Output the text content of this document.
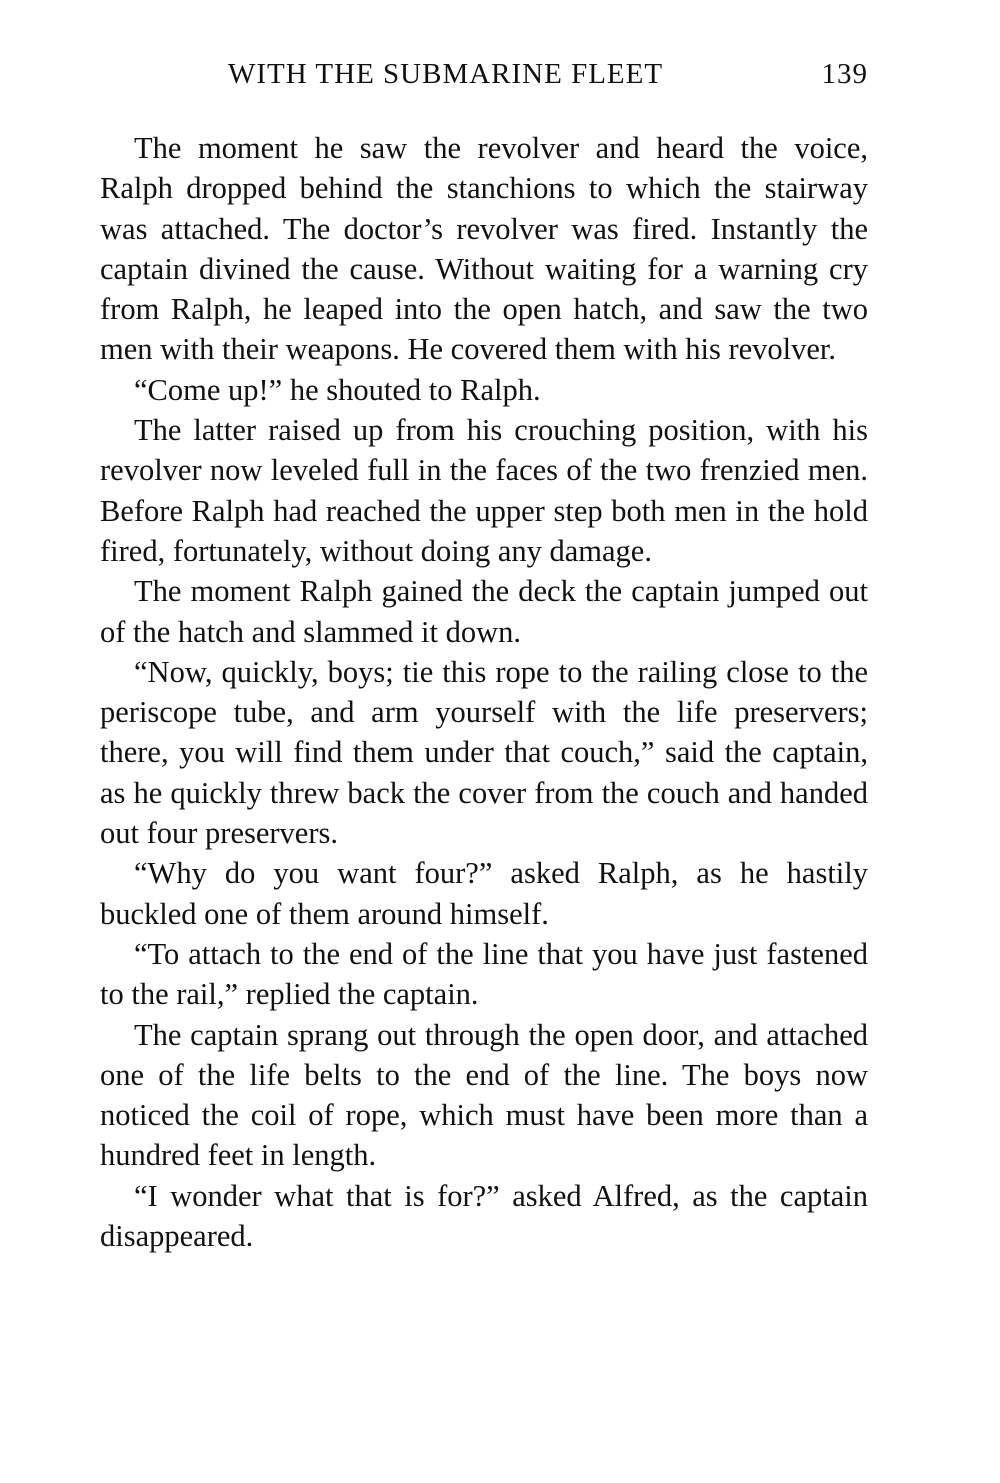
WITH THE SUBMARINE FLEET	139

The moment he saw the revolver and heard the voice, Ralph dropped behind the stanchions to which the stairway was attached. The doctor’s revolver was fired. Instantly the captain divined the cause. Without waiting for a warning cry from Ralph, he leaped into the open hatch, and saw the two men with their weapons. He covered them with his revolver.

“Come up!” he shouted to Ralph.

The latter raised up from his crouching position, with his revolver now leveled full in the faces of the two frenzied men. Before Ralph had reached the upper step both men in the hold fired, fortunately, without doing any damage.

The moment Ralph gained the deck the captain jumped out of the hatch and slammed it down.

“Now, quickly, boys; tie this rope to the railing close to the periscope tube, and arm yourself with the life preservers; there, you will find them under that couch,” said the captain, as he quickly threw back the cover from the couch and handed out four preservers.

“Why do you want four?” asked Ralph, as he hastily buckled one of them around himself.

“To attach to the end of the line that you have just fastened to the rail,” replied the captain.

The captain sprang out through the open door, and attached one of the life belts to the end of the line. The boys now noticed the coil of rope, which must have been more than a hundred feet in length.

“I wonder what that is for?” asked Alfred, as the captain disappeared.
